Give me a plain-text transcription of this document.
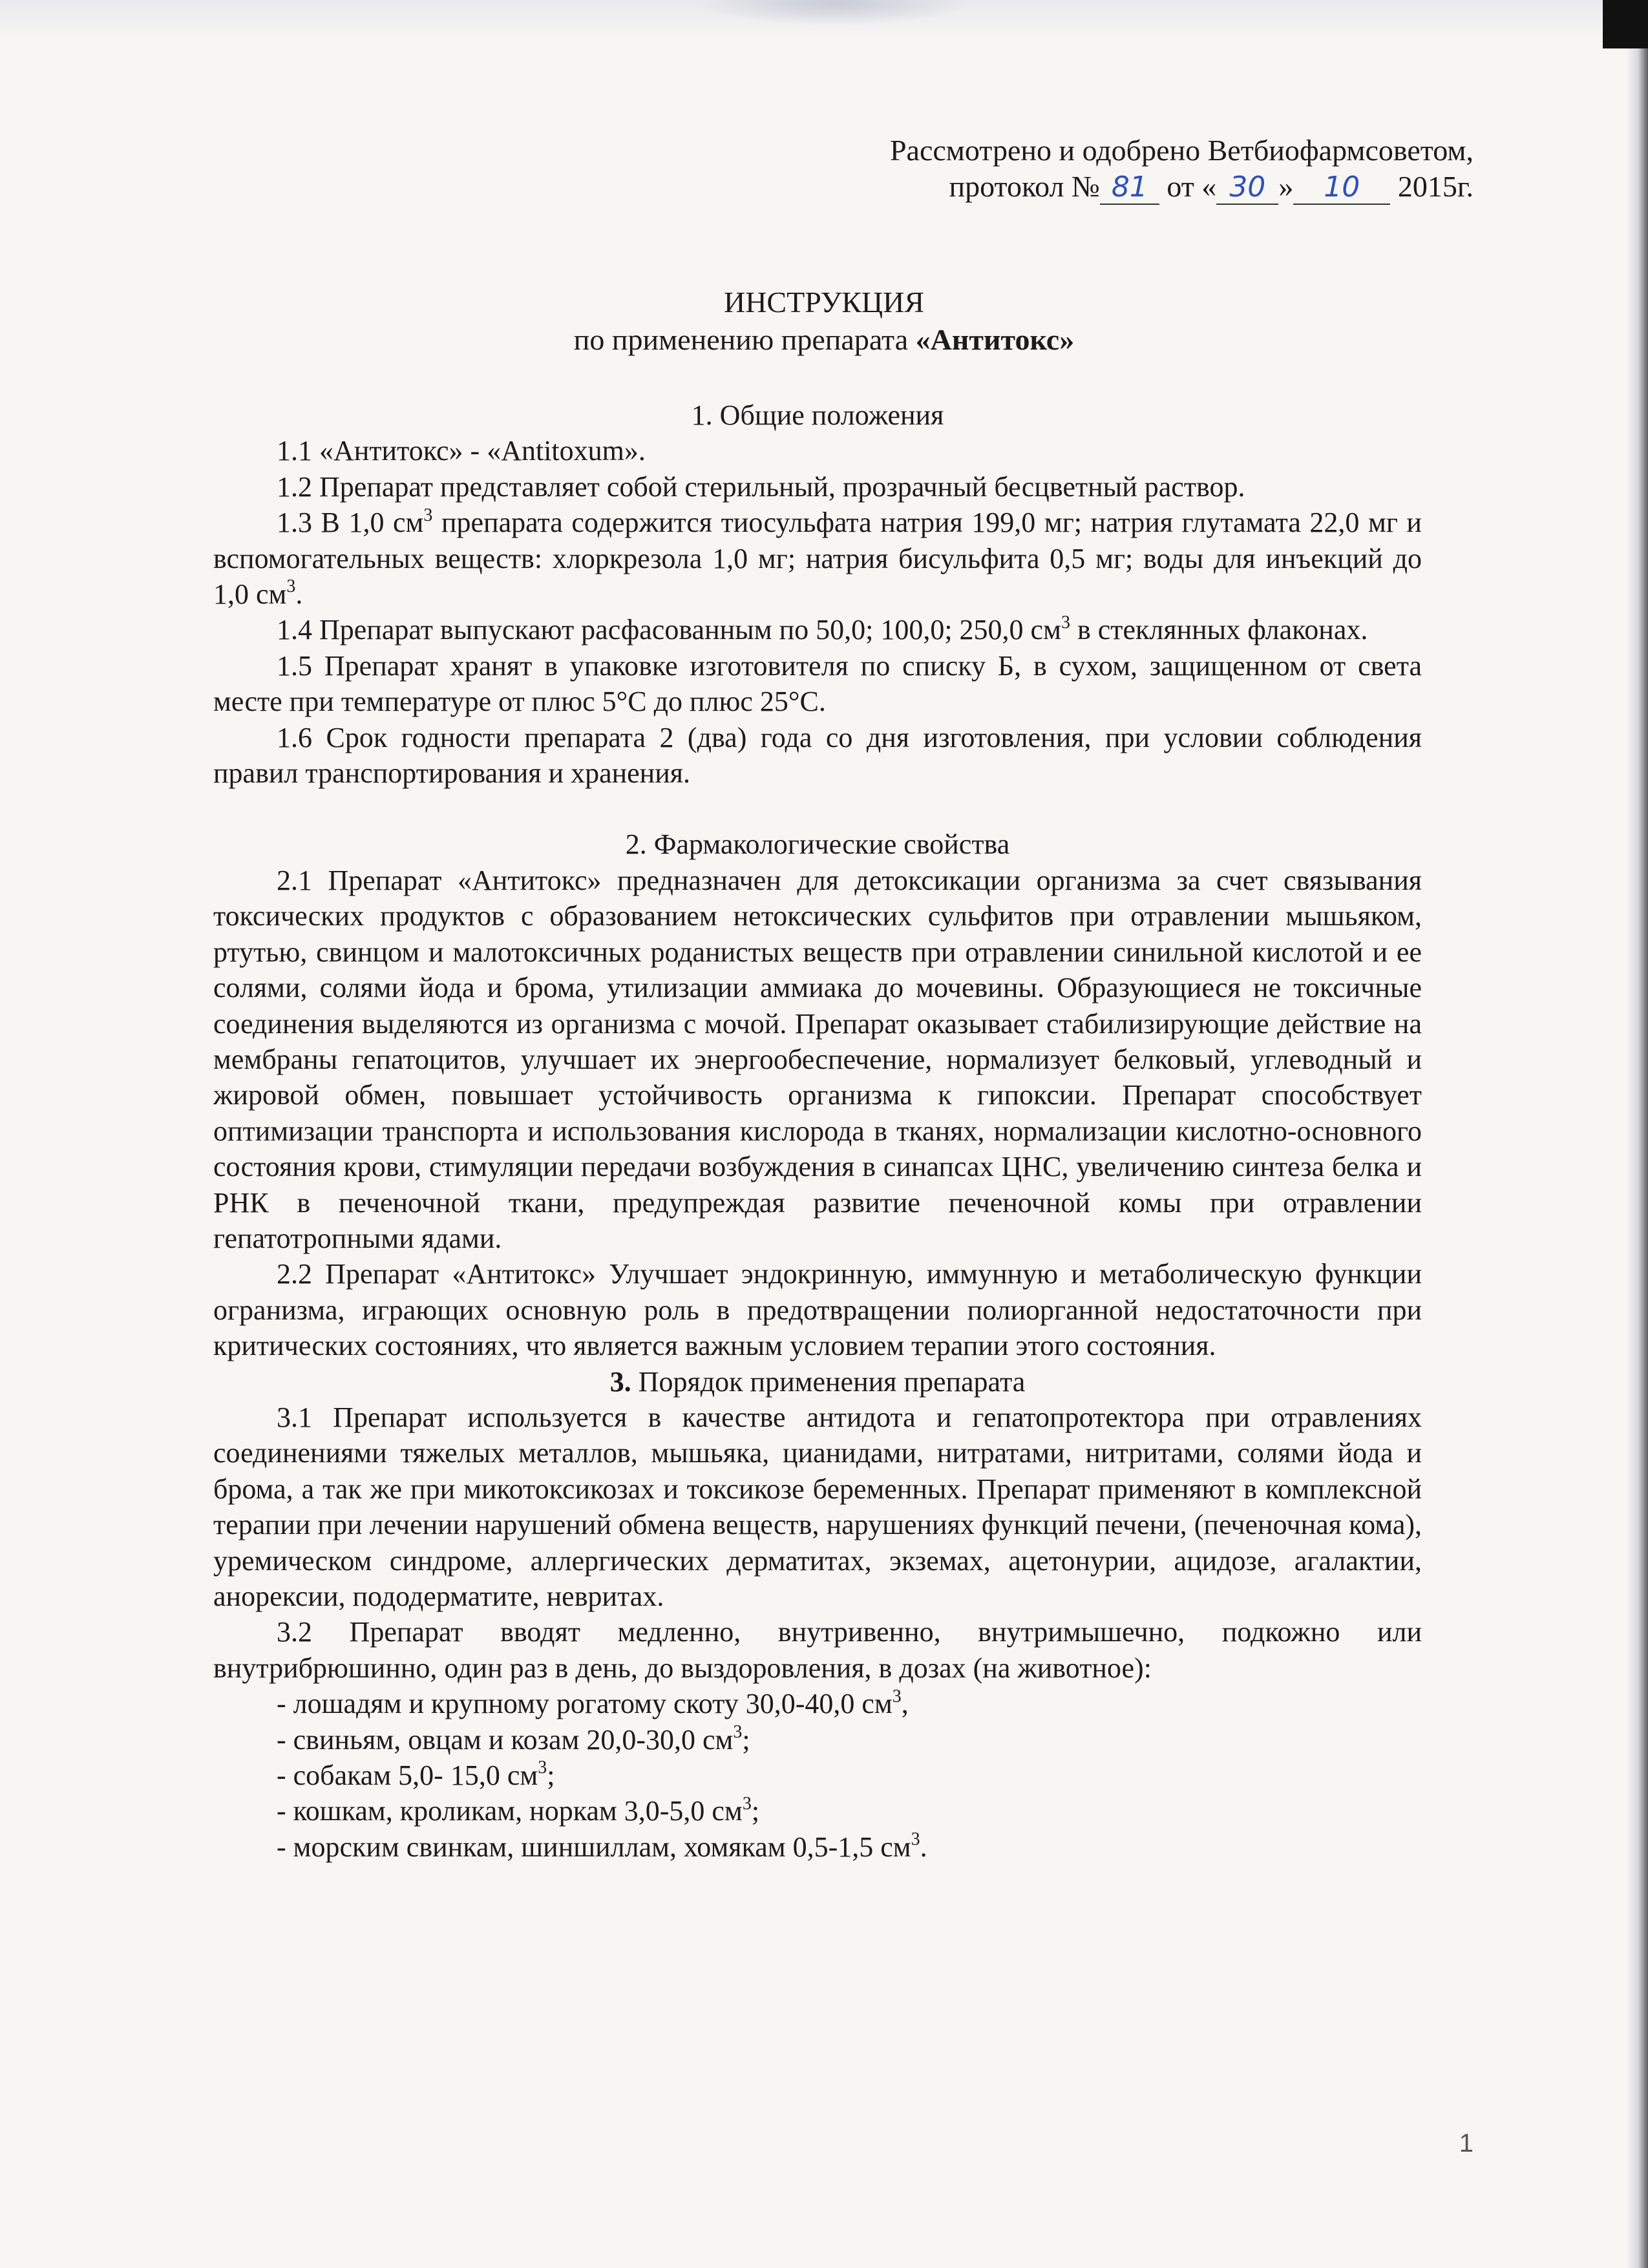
Рассмотрено и одобрено Ветбиофармсоветом,
протокол № 81 от « 30 » 10 2015г.
ИНСТРУКЦИЯ
по применению препарата «Антитокс»

1. Общие положения

1.1 «Антитокс» - «Antitoxum».

1.2 Препарат представляет собой стерильный, прозрачный бесцветный раствор.

1.3 В 1,0 $см^3$ препарата содержится тиосульфата натрия 199,0 мг; натрия глутамата 22,0 мг и вспомогательных веществ: хлоркрезола 1,0 мг; натрия бисульфита 0,5 мг; воды для инъекций до 1,0 $см^3$.

1.4 Препарат выпускают расфасованным по 50,0; 100,0; 250,0 $см^3$ в стеклянных флаконах.

1.5 Препарат хранят в упаковке изготовителя по списку Б, в сухом, защищенном от света месте при температуре от плюс 5°С до плюс 25°С.

1.6 Срок годности препарата 2 (два) года со дня изготовления, при условии соблюдения правил транспортирования и хранения.

2. Фармакологические свойства

2.1 Препарат «Антитокс» предназначен для детоксикации организма за счет связывания токсических продуктов с образованием нетоксических сульфитов при отравлении мышьяком, ртутью, свинцом и малотоксичных роданистых веществ при отравлении синильной кислотой и ее солями, солями йода и брома, утилизации аммиака до мочевины. Образующиеся не токсичные соединения выделяются из организма с мочой. Препарат оказывает стабилизирующие действие на мембраны гепатоцитов, улучшает их энергообеспечение, нормализует белковый, углеводный и жировой обмен, повышает устойчивость организма к гипоксии. Препарат способствует оптимизации транспорта и использования кислорода в тканях, нормализации кислотно-основного состояния крови, стимуляции передачи возбуждения в синапсах ЦНС, увеличению синтеза белка и РНК в печеночной ткани, предупреждая развитие печеночной комы при отравлении гепатотропными ядами.

2.2 Препарат «Антитокс» Улучшает эндокринную, иммунную и метаболическую функции огранизма, играющих основную роль в предотвращении полиорганной недостаточности при критических состояниях, что является важным условием терапии этого состояния.

3. Порядок применения препарата

3.1 Препарат используется в качестве антидота и гепатопротектора при отравлениях соединениями тяжелых металлов, мышьяка, цианидами, нитратами, нитритами, солями йода и брома, а так же при микотоксикозах и токсикозе беременных. Препарат применяют в комплексной терапии при лечении нарушений обмена веществ, нарушениях функций печени, (печеночная кома), уремическом синдроме, аллергических дерматитах, экземах, ацетонурии, ацидозе, агалактии, анорексии, пододерматите, невритах.

3.2 Препарат вводят медленно, внутривенно, внутримышечно, подкожно или внутрибрюшинно, один раз в день, до выздоровления, в дозах (на животное):

- лошадям и крупному рогатому скоту 30,0-40,0 $см^3$,

- свиньям, овцам и козам 20,0-30,0 $см^3$;

- собакам 5,0- 15,0 $см^3$;

- кошкам, кроликам, норкам 3,0-5,0 $см^3$;

- морским свинкам, шиншиллам, хомякам 0,5-1,5 $см^3$.

1
